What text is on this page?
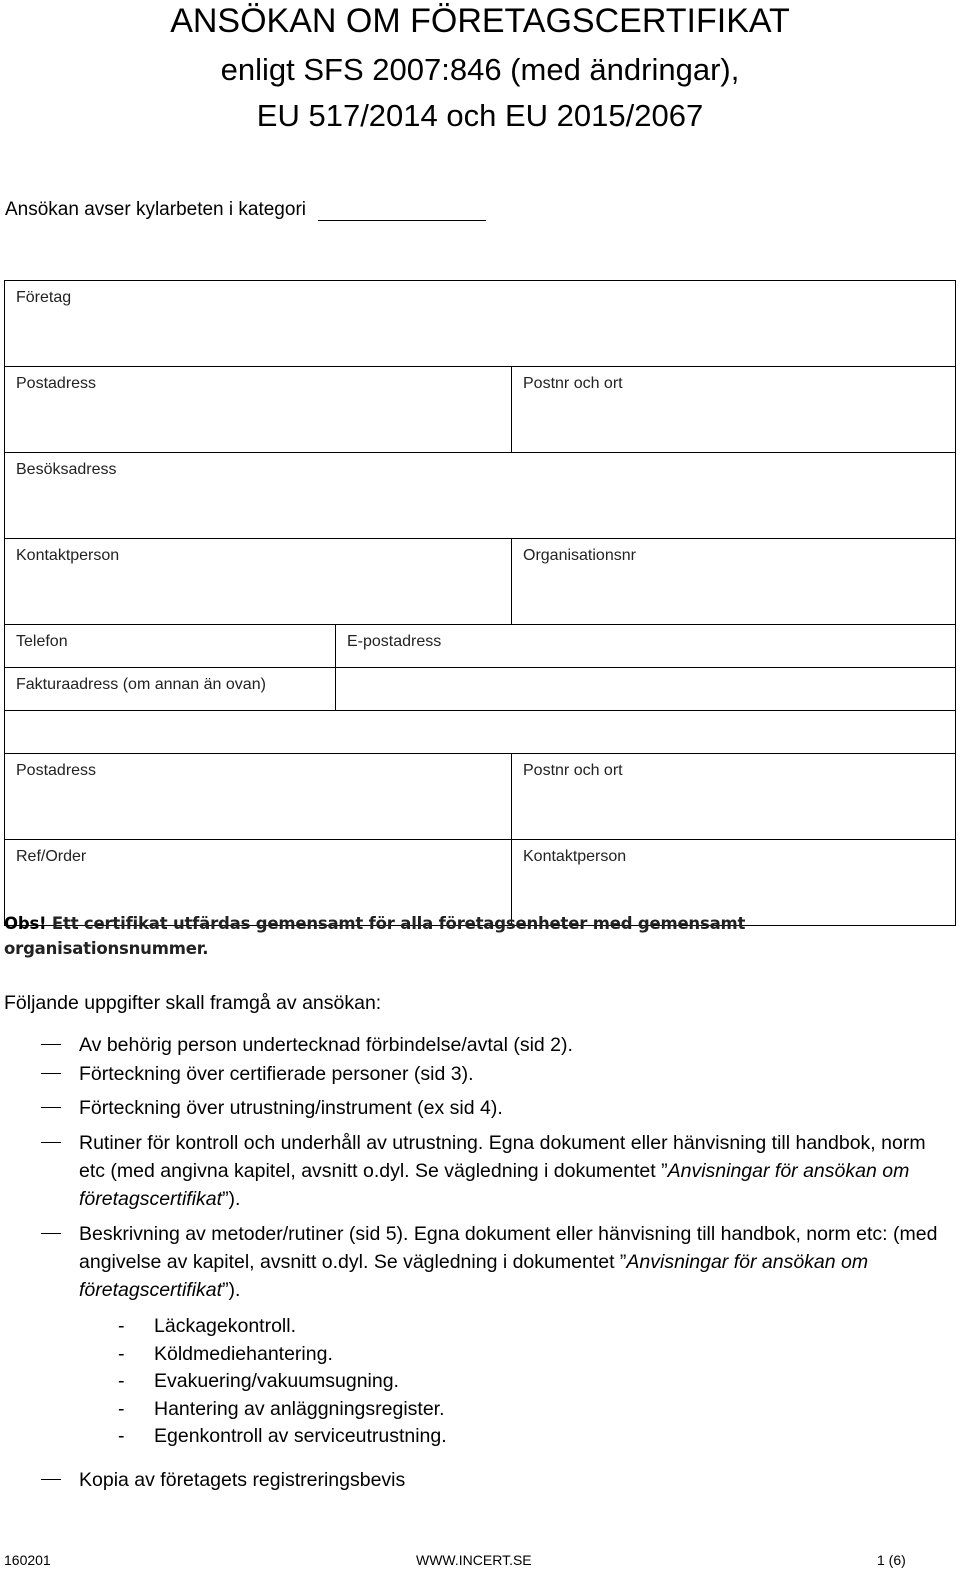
ANSÖKAN OM FÖRETAGSCERTIFIKAT
enligt SFS 2007:846 (med ändringar),
EU 517/2014 och EU 2015/2067
Ansökan avser kylarbeten i kategori
Företag		
Postadress		Postnr och ort
Besöksadress		
Kontaktperson		Organisationsnr
Telefon	E-postadress	
Fakturaadress (om annan än ovan)	
Postadress	Postnr och ort
Ref/Order	Kontaktperson
Obs! Ett certifikat utfärdas gemensamt för alla företagsenheter med gemensamt organisationsnummer.
Följande uppgifter skall framgå av ansökan:
Av behörig person undertecknad förbindelse/avtal (sid 2).
Förteckning över certifierade personer (sid 3).
Förteckning över utrustning/instrument (ex sid 4).
Rutiner för kontroll och underhåll av utrustning. Egna dokument eller hänvisning till handbok, norm etc (med angivna kapitel, avsnitt o.dyl. Se vägledning i dokumentet ”Anvisningar för ansökan om företagscertifikat”).
Beskrivning av metoder/rutiner (sid 5). Egna dokument eller hänvisning till handbok, norm etc: (med angivelse av kapitel, avsnitt o.dyl. Se vägledning i dokumentet ”Anvisningar för ansökan om företagscertifikat”).
- Läckagekontroll.
- Köldmediehantering.
- Evakuering/vakuumsugning.
- Hantering av anläggningsregister.
- Egenkontroll av serviceutrustning.
Kopia av företagets registreringsbevis
160201	WWW.INCERT.SE	1 (6)
